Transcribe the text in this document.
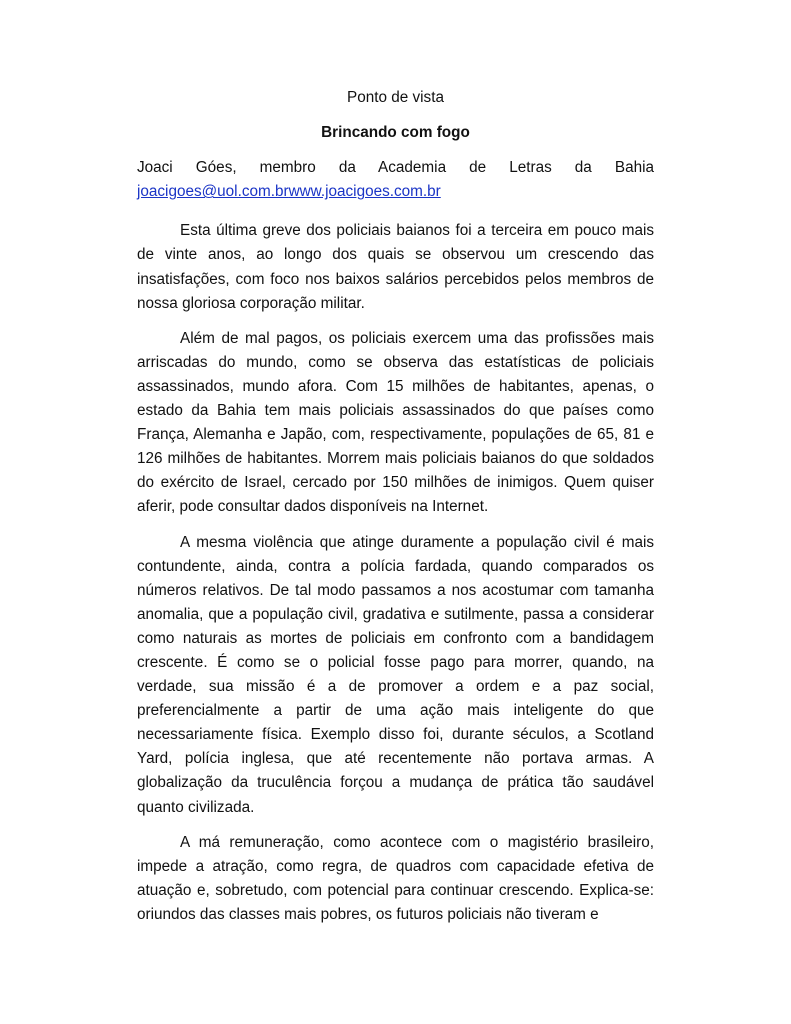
Ponto de vista
Brincando com fogo
Joaci Góes, membro da Academia de Letras da Bahia
joacigoes@uol.com.brwww.joacigoes.com.br

Esta última greve dos policiais baianos foi a terceira em pouco mais de vinte anos, ao longo dos quais se observou um crescendo das insatisfações, com foco nos baixos salários percebidos pelos membros de nossa gloriosa corporação militar.

Além de mal pagos, os policiais exercem uma das profissões mais arriscadas do mundo, como se observa das estatísticas de policiais assassinados, mundo afora. Com 15 milhões de habitantes, apenas, o estado da Bahia tem mais policiais assassinados do que países como França, Alemanha e Japão, com, respectivamente, populações de 65, 81 e 126 milhões de habitantes. Morrem mais policiais baianos do que soldados do exército de Israel, cercado por 150 milhões de inimigos. Quem quiser aferir, pode consultar dados disponíveis na Internet.

A mesma violência que atinge duramente a população civil é mais contundente, ainda, contra a polícia fardada, quando comparados os números relativos. De tal modo passamos a nos acostumar com tamanha anomalia, que a população civil, gradativa e sutilmente, passa a considerar como naturais as mortes de policiais em confronto com a bandidagem crescente. É como se o policial fosse pago para morrer, quando, na verdade, sua missão é a de promover a ordem e a paz social, preferencialmente a partir de uma ação mais inteligente do que necessariamente física. Exemplo disso foi, durante séculos, a Scotland Yard, polícia inglesa, que até recentemente não portava armas. A globalização da truculência forçou a mudança de prática tão saudável quanto civilizada.

A má remuneração, como acontece com o magistério brasileiro, impede a atração, como regra, de quadros com capacidade efetiva de atuação e, sobretudo, com potencial para continuar crescendo. Explica-se: oriundos das classes mais pobres, os futuros policiais não tiveram e
